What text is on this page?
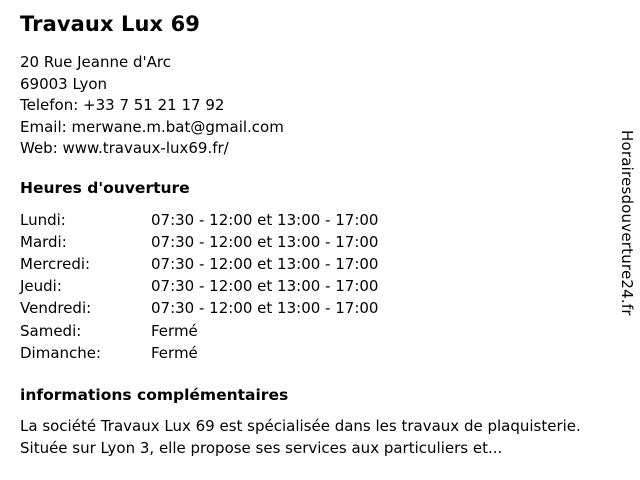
Travaux Lux 69
20 Rue Jeanne d'Arc
69003 Lyon
Telefon: +33 7 51 21 17 92
Email: merwane.m.bat@gmail.com
Web: www.travaux-lux69.fr/
Heures d'ouverture
Lundi:	07:30 - 12:00 et 13:00 - 17:00
Mardi:	07:30 - 12:00 et 13:00 - 17:00
Mercredi:	07:30 - 12:00 et 13:00 - 17:00
Jeudi:	07:30 - 12:00 et 13:00 - 17:00
Vendredi:	07:30 - 12:00 et 13:00 - 17:00
Samedi:	Fermé
Dimanche:	Fermé
informations complémentaires
La société Travaux Lux 69 est spécialisée dans les travaux de plaquisterie. Située sur Lyon 3, elle propose ses services aux particuliers et...
Horairesdouverture24.fr
